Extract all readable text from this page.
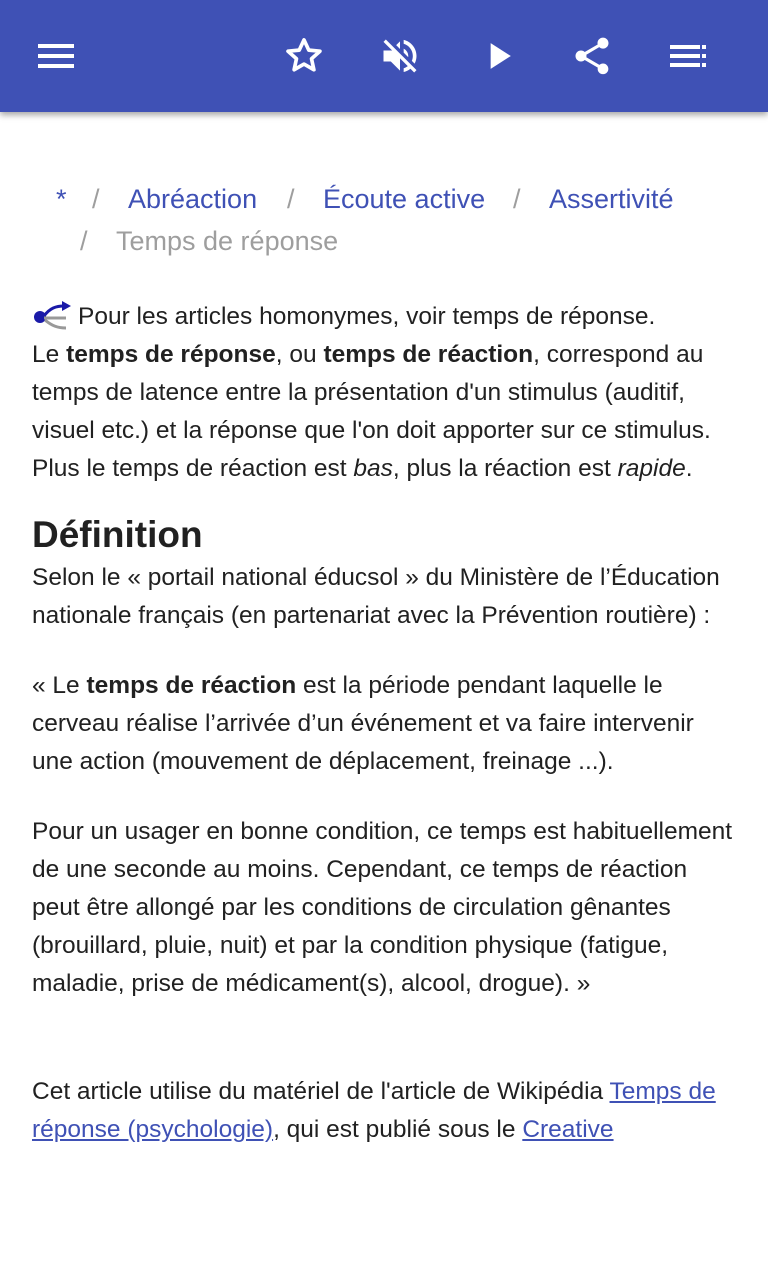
* / Abréaction / Écoute active / Assertivité
/ Temps de réponse

Pour les articles homonymes, voir temps de réponse.

Le temps de réponse, ou temps de réaction, correspond au temps de latence entre la présentation d'un stimulus (auditif, visuel etc.) et la réponse que l'on doit apporter sur ce stimulus. Plus le temps de réaction est bas, plus la réaction est rapide.

Définition

Selon le « portail national éducsol » du Ministère de l’Éducation nationale français (en partenariat avec la Prévention routière) :

« Le temps de réaction est la période pendant laquelle le cerveau réalise l’arrivée d’un événement et va faire intervenir une action (mouvement de déplacement, freinage ...).

Pour un usager en bonne condition, ce temps est habituellement de une seconde au moins. Cependant, ce temps de réaction peut être allongé par les conditions de circulation gênantes (brouillard, pluie, nuit) et par la condition physique (fatigue, maladie, prise de médicament(s), alcool, drogue). »

Cet article utilise du matériel de l'article de Wikipédia Temps de réponse (psychologie), qui est publié sous le Creative
